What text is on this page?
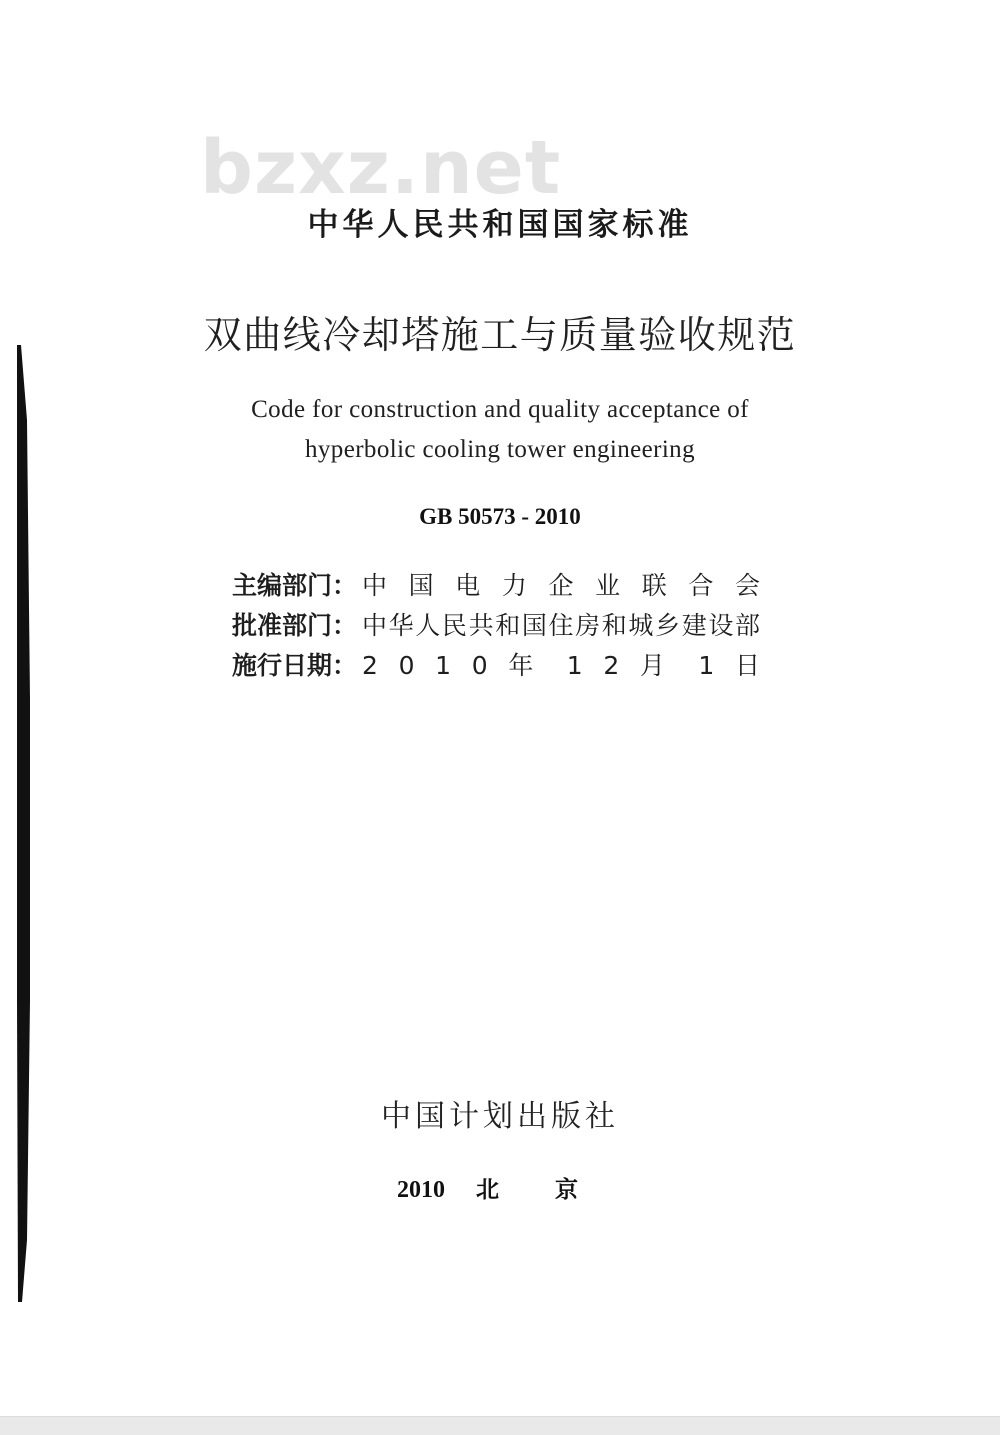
bzxz.net
中华人民共和国国家标准
双曲线冷却塔施工与质量验收规范
Code for construction and quality acceptance of
hyperbolic cooling tower engineering
GB 50573 - 2010
主编部门： 中 国 电 力 企 业 联 合 会
批准部门： 中华人民共和国住房和城乡建设部
施行日期： 2 0 1 0 年 1 2 月 1 日
中国计划出版社
2010 北 京
